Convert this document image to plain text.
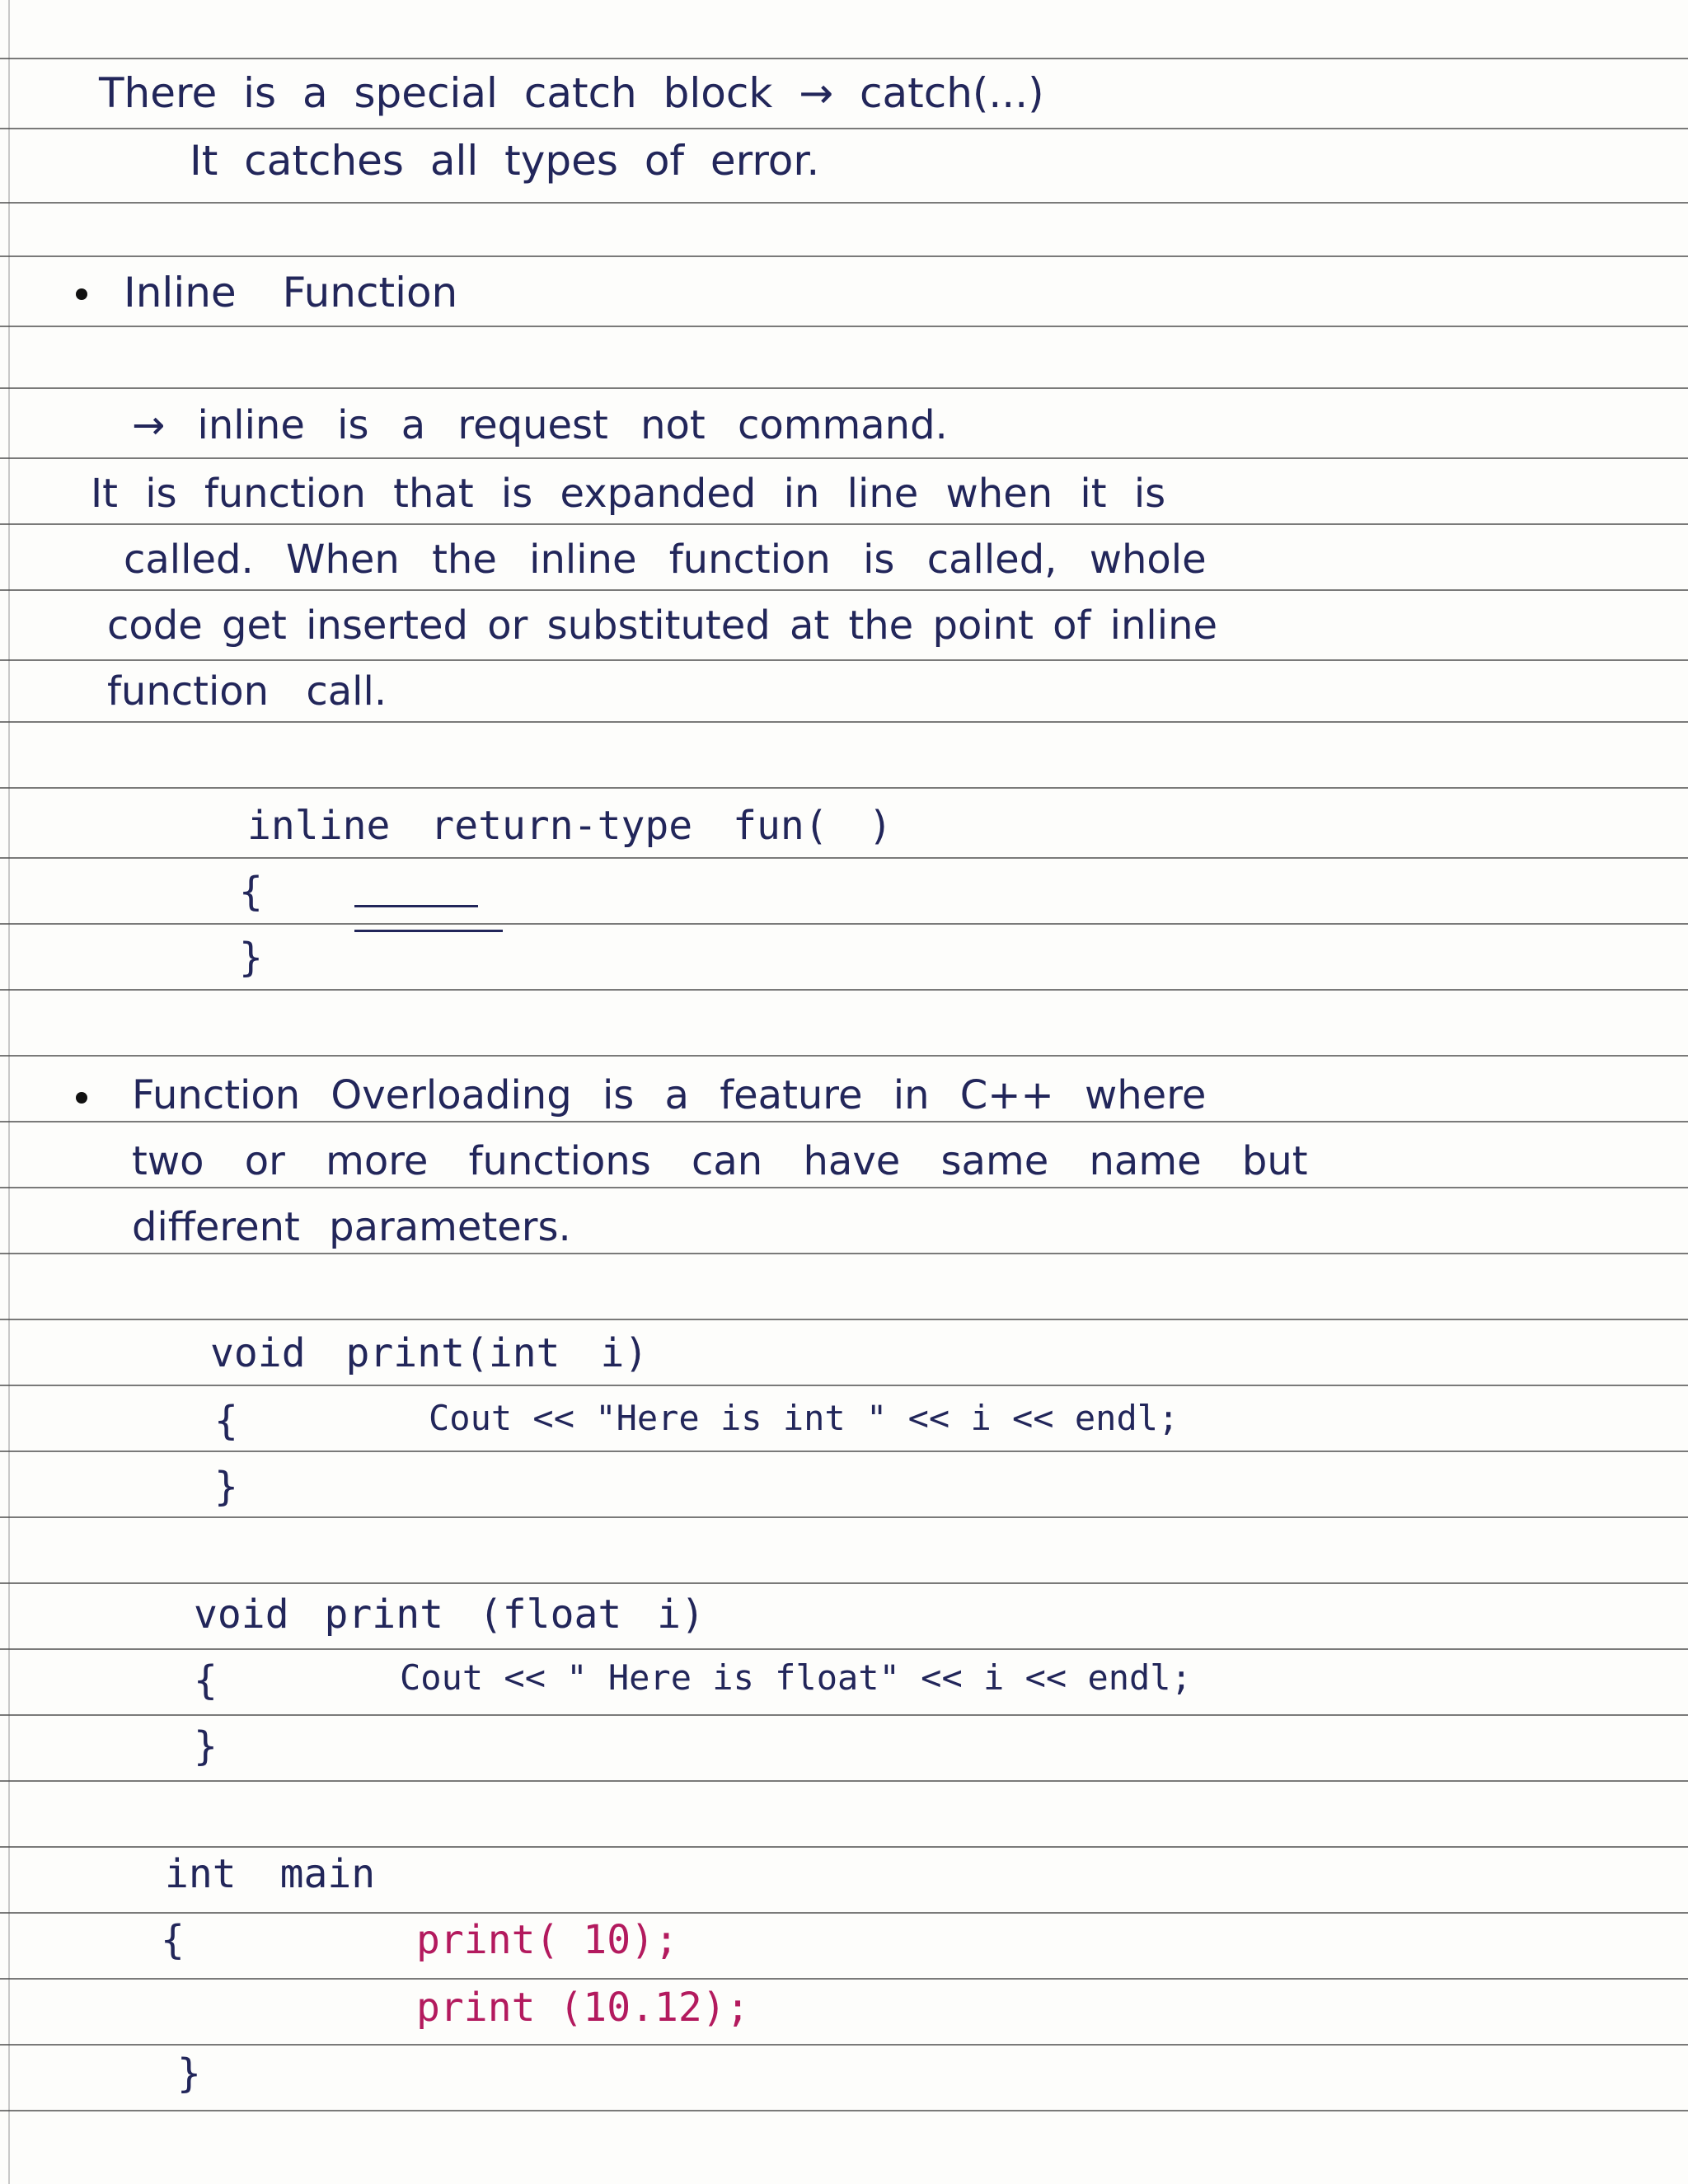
There is a special catch block → catch(...)
It catches all types of error.
Inline Function
→ inline is a request not command.
It is function that is expanded in line when it is
called. When the inline function is called, whole
code get inserted or substituted at the point of inline
function call.
inline return-type fun( )
{
}
Function Overloading is a feature in C++ where
two or more functions can have same name but
different parameters.
void print(int i)
{	Cout << "Here is int " << i << endl;
}
void print (float i)
{	Cout << " Here is float" << i << endl;
}
int main
{	print( 10);
print (10.12);
}
